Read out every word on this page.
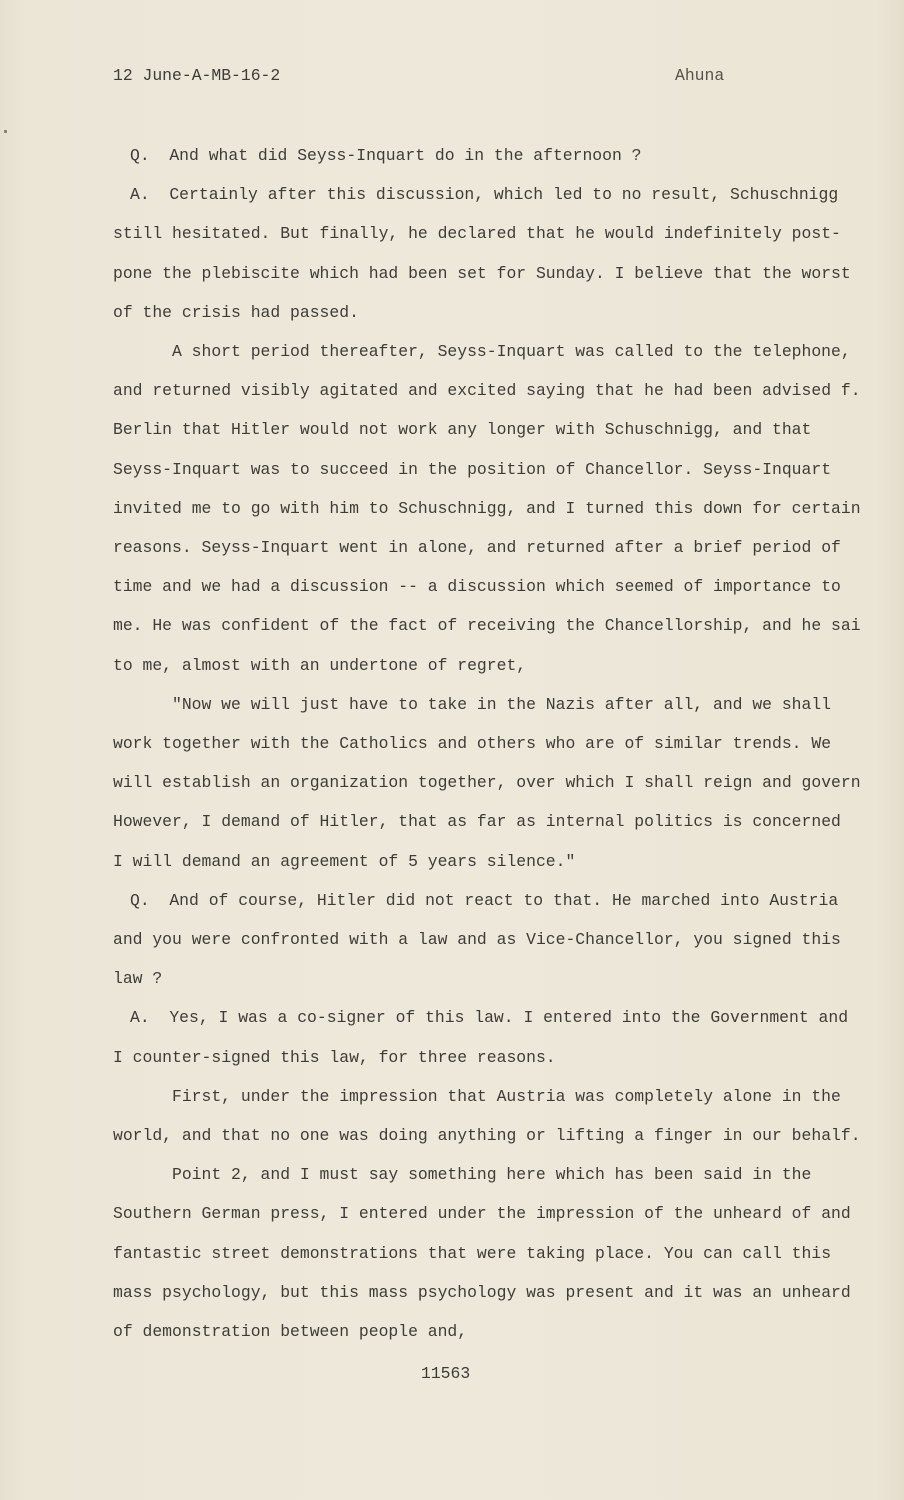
12 June-A-MB-16-2	Ahuna
Q.  And what did Seyss-Inquart do in the afternoon ?
A.  Certainly after this discussion, which led to no result, Schuschnigg
still hesitated. But finally, he declared that he would indefinitely post-
pone the plebiscite which had been set for Sunday. I believe that the worst
of the crisis had passed.
A short period thereafter, Seyss-Inquart was called to the telephone,
and returned visibly agitated and excited saying that he had been advised f.
Berlin that Hitler would not work any longer with Schuschnigg, and that
Seyss-Inquart was to succeed in the position of Chancellor. Seyss-Inquart
invited me to go with him to Schuschnigg, and I turned this down for certain
reasons. Seyss-Inquart went in alone, and returned after a brief period of
time and we had a discussion -- a discussion which seemed of importance to
me. He was confident of the fact of receiving the Chancellorship, and he sai
to me, almost with an undertone of regret,
"Now we will just have to take in the Nazis after all, and we shall
work together with the Catholics and others who are of similar trends. We
will establish an organization together, over which I shall reign and govern
However, I demand of Hitler, that as far as internal politics is concerned
I will demand an agreement of 5 years silence."
Q.  And of course, Hitler did not react to that. He marched into Austria
and you were confronted with a law and as Vice-Chancellor, you signed this
law ?
A.  Yes, I was a co-signer of this law. I entered into the Government and
I counter-signed this law, for three reasons.
First, under the impression that Austria was completely alone in the
world, and that no one was doing anything or lifting a finger in our behalf.
Point 2, and I must say something here which has been said in the
Southern German press, I entered under the impression of the unheard of and
fantastic street demonstrations that were taking place. You can call this
mass psychology, but this mass psychology was present and it was an unheard
of demonstration between people and,
11563
